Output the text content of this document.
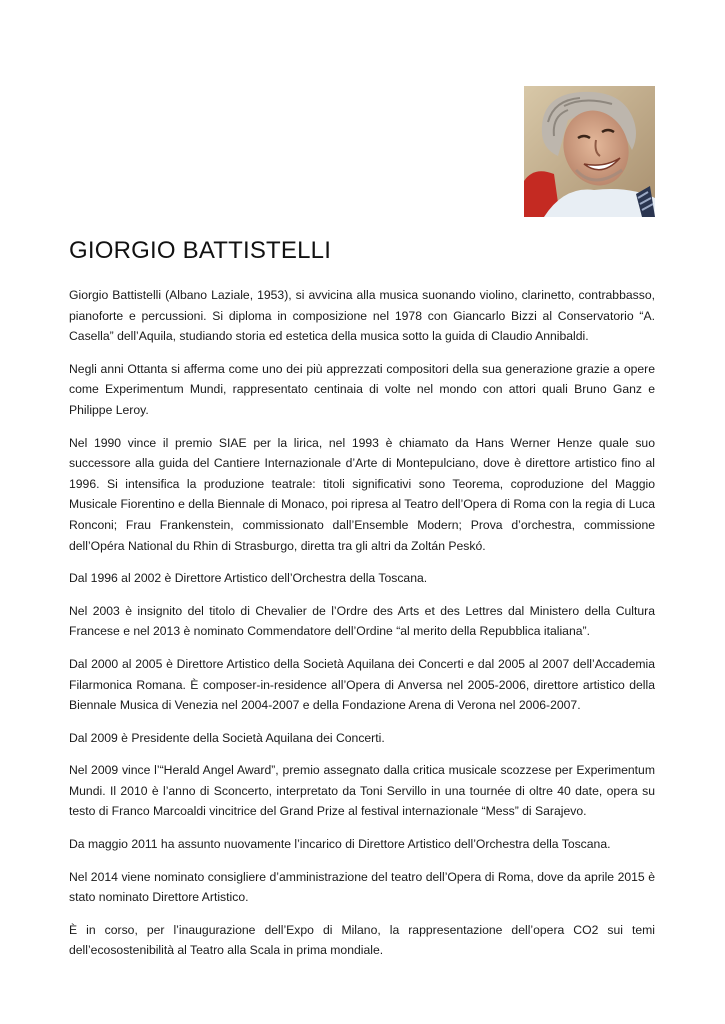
GIORGIO BATTISTELLI

Giorgio Battistelli (Albano Laziale, 1953), si avvicina alla musica suonando violino, clarinetto, contrabbasso, pianoforte e percussioni. Si diploma in composizione nel 1978 con Giancarlo Bizzi al Conservatorio “A. Casella” dell’Aquila, studiando storia ed estetica della musica sotto la guida di Claudio Annibaldi.

Negli anni Ottanta si afferma come uno dei più apprezzati compositori della sua generazione grazie a opere come Experimentum Mundi, rappresentato centinaia di volte nel mondo con attori quali Bruno Ganz e Philippe Leroy.

Nel 1990 vince il premio SIAE per la lirica, nel 1993 è chiamato da Hans Werner Henze quale suo successore alla guida del Cantiere Internazionale d’Arte di Montepulciano, dove è direttore artistico fino al 1996. Si intensifica la produzione teatrale: titoli significativi sono Teorema, coproduzione del Maggio Musicale Fiorentino e della Biennale di Monaco, poi ripresa al Teatro dell’Opera di Roma con la regia di Luca Ronconi; Frau Frankenstein, commissionato dall’Ensemble Modern; Prova d’orchestra, commissione dell’Opéra National du Rhin di Strasburgo, diretta tra gli altri da Zoltán Peskó.

Dal 1996 al 2002 è Direttore Artistico dell’Orchestra della Toscana.

Nel 2003 è insignito del titolo di Chevalier de l’Ordre des Arts et des Lettres dal Ministero della Cultura Francese e nel 2013 è nominato Commendatore dell’Ordine “al merito della Repubblica italiana”.

Dal 2000 al 2005 è Direttore Artistico della Società Aquilana dei Concerti e dal 2005 al 2007 dell’Accademia Filarmonica Romana. È composer-in-residence all’Opera di Anversa nel 2005-2006, direttore artistico della Biennale Musica di Venezia nel 2004-2007 e della Fondazione Arena di Verona nel 2006-2007.

Dal 2009 è Presidente della Società Aquilana dei Concerti.

Nel 2009 vince l’“Herald Angel Award”, premio assegnato dalla critica musicale scozzese per Experimentum Mundi. Il 2010 è l’anno di Sconcerto, interpretato da Toni Servillo in una tournée di oltre 40 date, opera su testo di Franco Marcoaldi vincitrice del Grand Prize al festival internazionale “Mess” di Sarajevo.

Da maggio 2011 ha assunto nuovamente l’incarico di Direttore Artistico dell’Orchestra della Toscana.

Nel 2014 viene nominato consigliere d’amministrazione del teatro dell’Opera di Roma, dove da aprile 2015 è stato nominato Direttore Artistico.

È in corso, per l’inaugurazione dell’Expo di Milano, la rappresentazione dell’opera CO2 sui temi dell’ecosostenibilità al Teatro alla Scala in prima mondiale.
